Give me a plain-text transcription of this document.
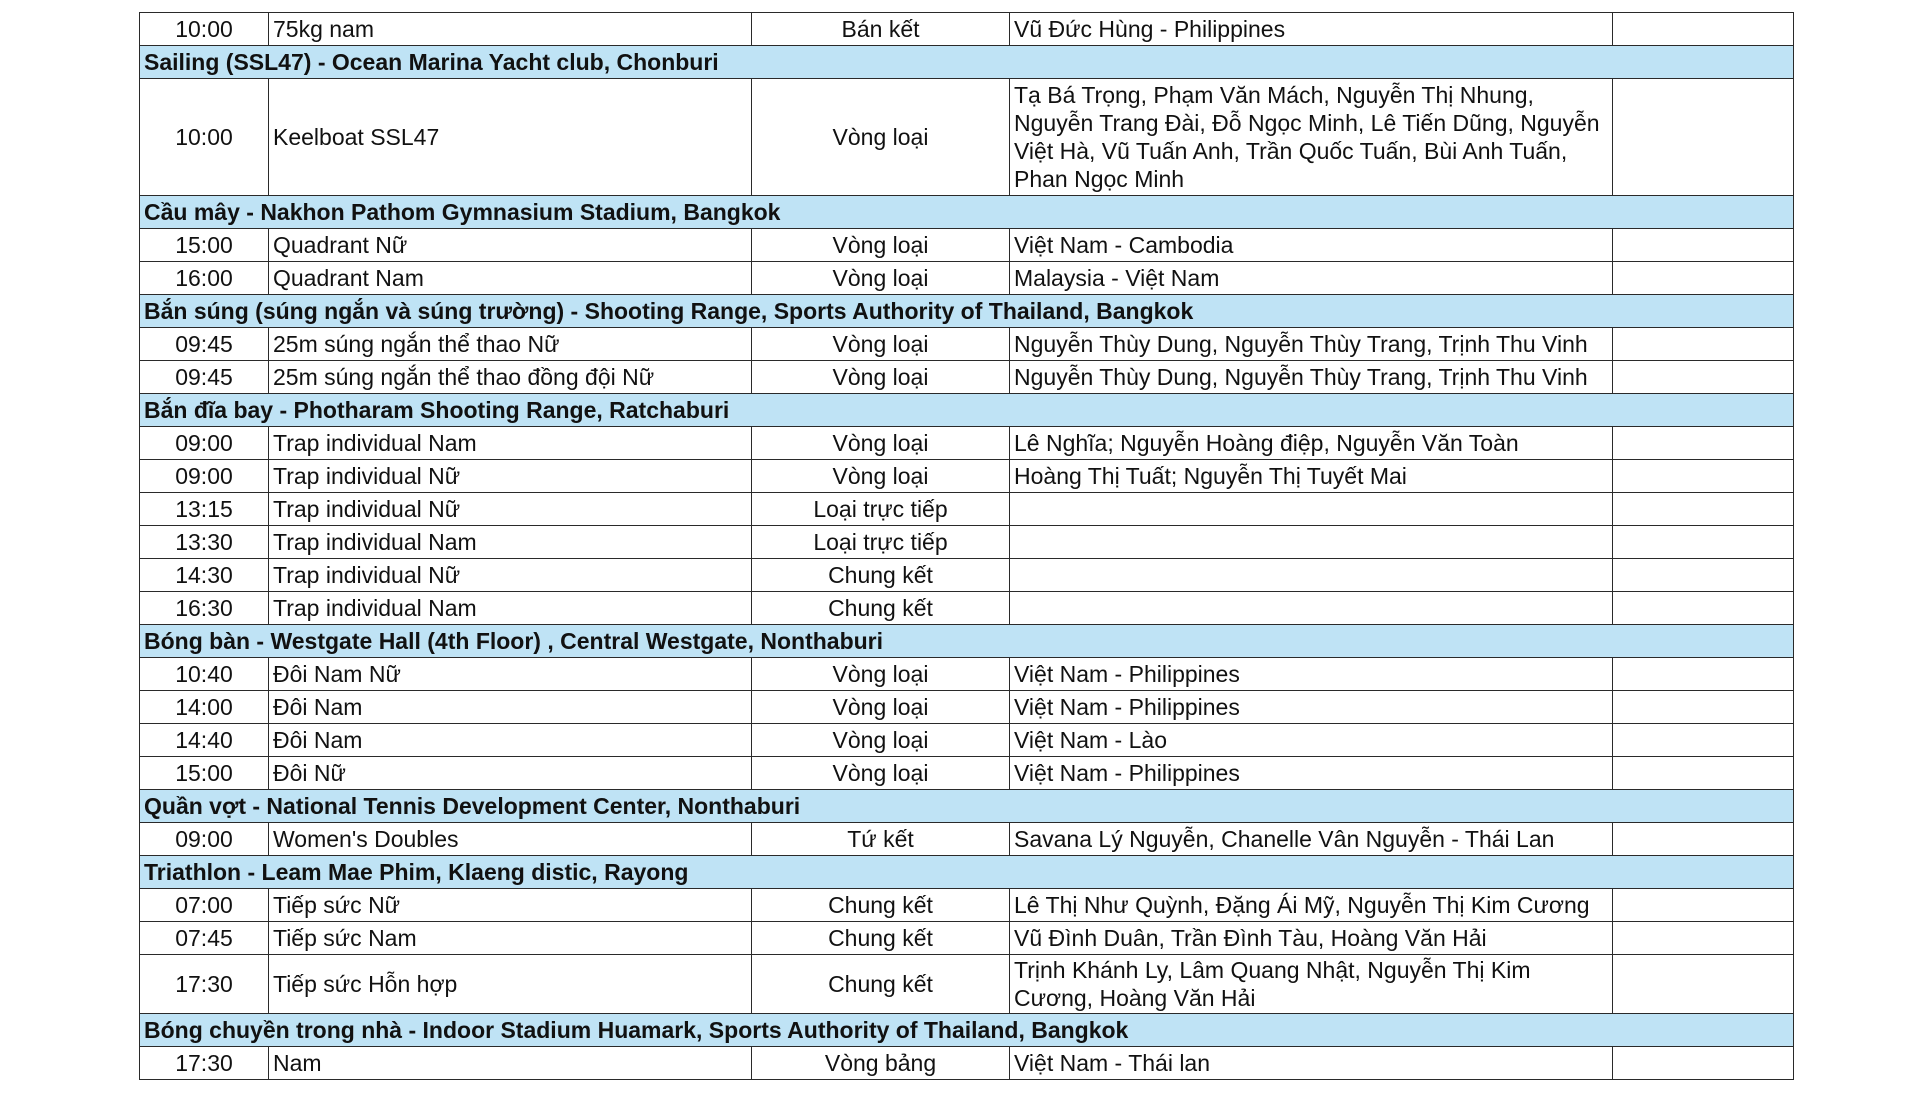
10:00	75kg nam	Bán kết	Vũ Đức Hùng - Philippines	
Sailing (SSL47) - Ocean Marina Yacht club, Chonburi				
10:00	Keelboat SSL47	Vòng loại	Tạ Bá Trọng, Phạm Văn Mách, Nguyễn Thị Nhung, Nguyễn Trang Đài, Đỗ Ngọc Minh, Lê Tiến Dũng, Nguyễn Việt Hà, Vũ Tuấn Anh, Trần Quốc Tuấn, Bùi Anh Tuấn, Phan Ngọc Minh	
Cầu mây - Nakhon Pathom Gymnasium Stadium, Bangkok				
15:00	Quadrant Nữ	Vòng loại	Việt Nam - Cambodia	
16:00	Quadrant Nam	Vòng loại	Malaysia - Việt Nam	
Bắn súng (súng ngắn và súng trường) - Shooting Range, Sports Authority of Thailand, Bangkok				
09:45	25m súng ngắn thể thao Nữ	Vòng loại	Nguyễn Thùy Dung, Nguyễn Thùy Trang, Trịnh Thu Vinh	
09:45	25m súng ngắn thể thao đồng đội Nữ	Vòng loại	Nguyễn Thùy Dung, Nguyễn Thùy Trang, Trịnh Thu Vinh	
Bắn đĩa bay - Photharam Shooting Range, Ratchaburi				
09:00	Trap individual Nam	Vòng loại	Lê Nghĩa; Nguyễn Hoàng điệp, Nguyễn Văn Toàn	
09:00	Trap individual Nữ	Vòng loại	Hoàng Thị Tuất; Nguyễn Thị Tuyết Mai	
13:15	Trap individual Nữ	Loại trực tiếp		
13:30	Trap individual Nam	Loại trực tiếp		
14:30	Trap individual Nữ	Chung kết		
16:30	Trap individual Nam	Chung kết		
Bóng bàn - Westgate Hall (4th Floor) , Central Westgate, Nonthaburi				
10:40	Đôi Nam Nữ	Vòng loại	Việt Nam - Philippines	
14:00	Đôi Nam	Vòng loại	Việt Nam - Philippines	
14:40	Đôi Nam	Vòng loại	Việt Nam - Lào	
15:00	Đôi Nữ	Vòng loại	Việt Nam - Philippines	
Quần vợt - National Tennis Development Center, Nonthaburi				
09:00	Women's Doubles	Tứ kết	Savana Lý Nguyễn, Chanelle Vân Nguyễn - Thái Lan	
Triathlon - Leam Mae Phim, Klaeng distic, Rayong				
07:00	Tiếp sức Nữ	Chung kết	Lê Thị Như Quỳnh, Đặng Ái Mỹ, Nguyễn Thị Kim Cương	
07:45	Tiếp sức Nam	Chung kết	Vũ Đình Duân, Trần Đình Tàu, Hoàng Văn Hải	
17:30	Tiếp sức Hỗn hợp	Chung kết	Trịnh Khánh Ly, Lâm Quang Nhật, Nguyễn Thị Kim Cương, Hoàng Văn Hải	
Bóng chuyền trong nhà - Indoor Stadium Huamark, Sports Authority of Thailand, Bangkok				
17:30	Nam	Vòng bảng	Việt Nam - Thái lan	
